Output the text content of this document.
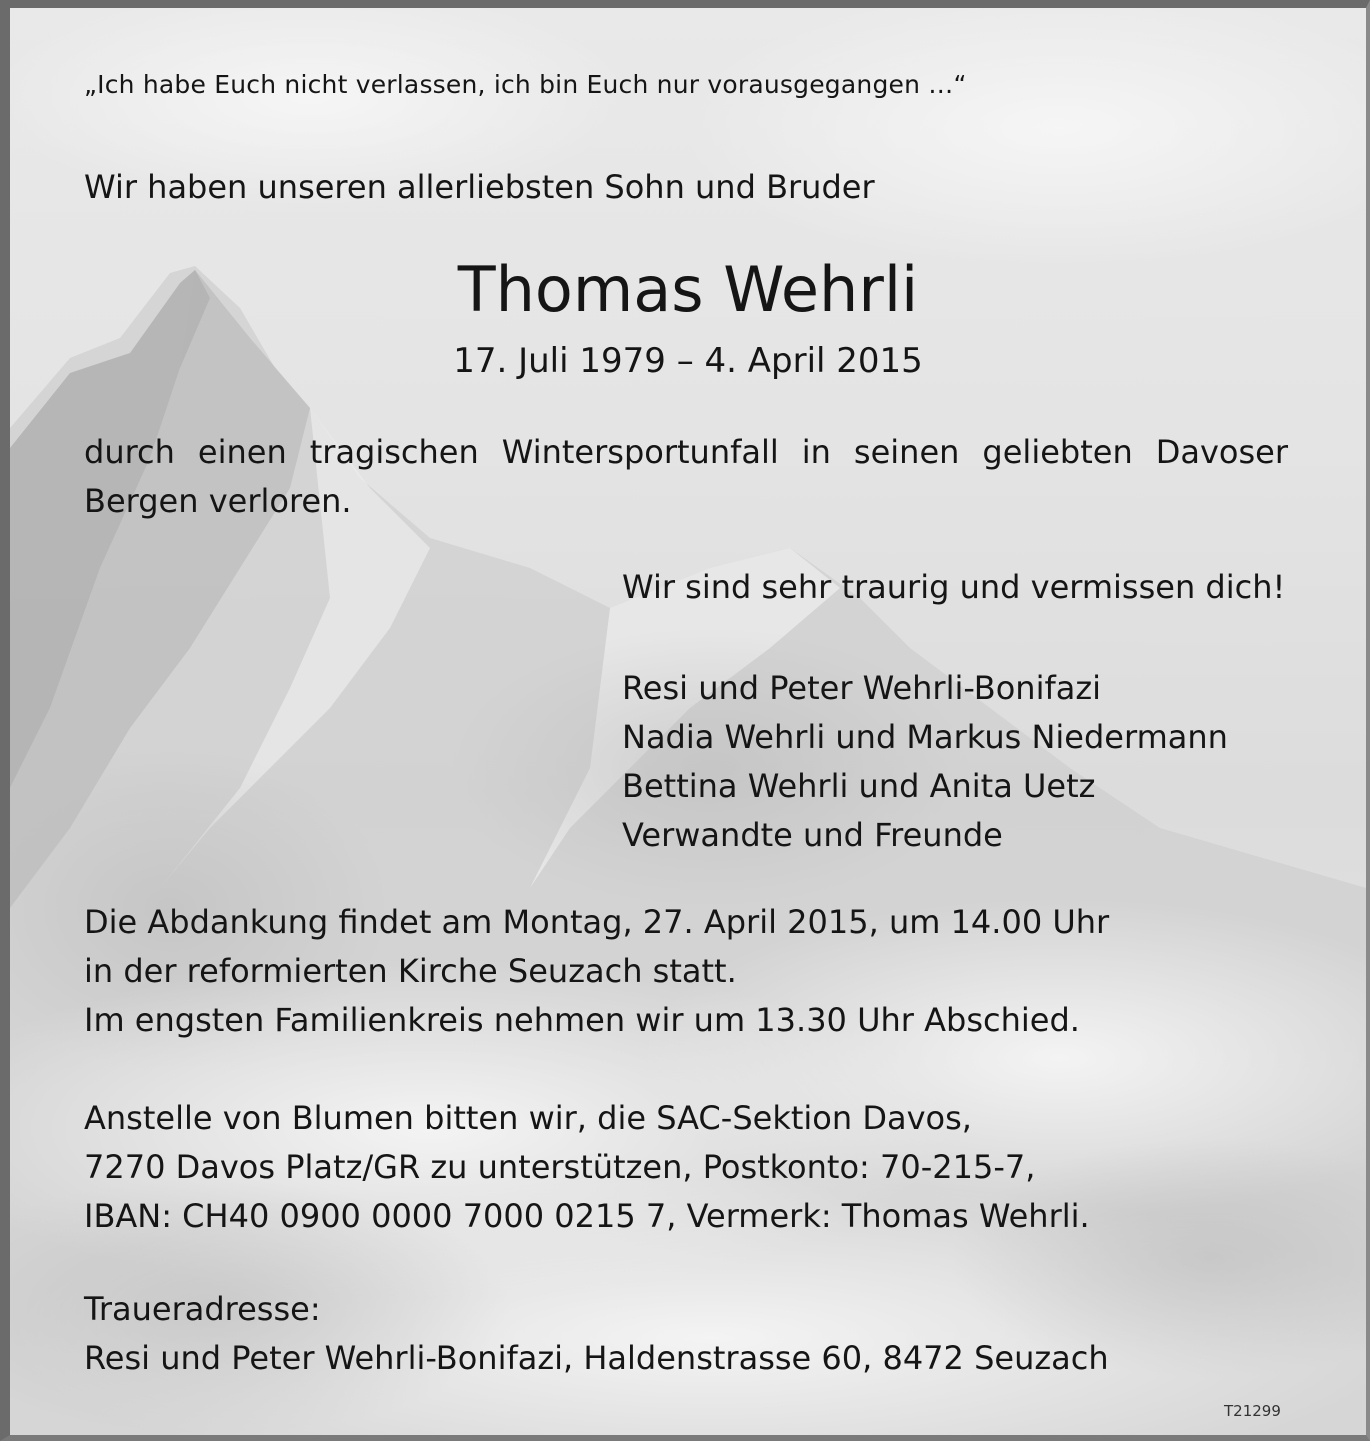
„Ich habe Euch nicht verlassen, ich bin Euch nur vorausgegangen …“

Wir haben unseren allerliebsten Sohn und Bruder

Thomas Wehrli

17. Juli 1979 – 4. April 2015

durch einen tragischen Wintersportunfall in seinen geliebten Davoser Bergen verloren.

Wir sind sehr traurig und vermissen dich!

Resi und Peter Wehrli-Bonifazi
Nadia Wehrli und Markus Niedermann
Bettina Wehrli und Anita Uetz
Verwandte und Freunde
Die Abdankung findet am Montag, 27. April 2015, um 14.00 Uhr
in der reformierten Kirche Seuzach statt.
Im engsten Familienkreis nehmen wir um 13.30 Uhr Abschied.
Anstelle von Blumen bitten wir, die SAC-Sektion Davos,
7270 Davos Platz/GR zu unterstützen, Postkonto: 70-215-7,
IBAN: CH40 0900 0000 7000 0215 7, Vermerk: Thomas Wehrli.

Traueradresse:

Resi und Peter Wehrli-Bonifazi, Haldenstrasse 60, 8472 Seuzach

T21299
